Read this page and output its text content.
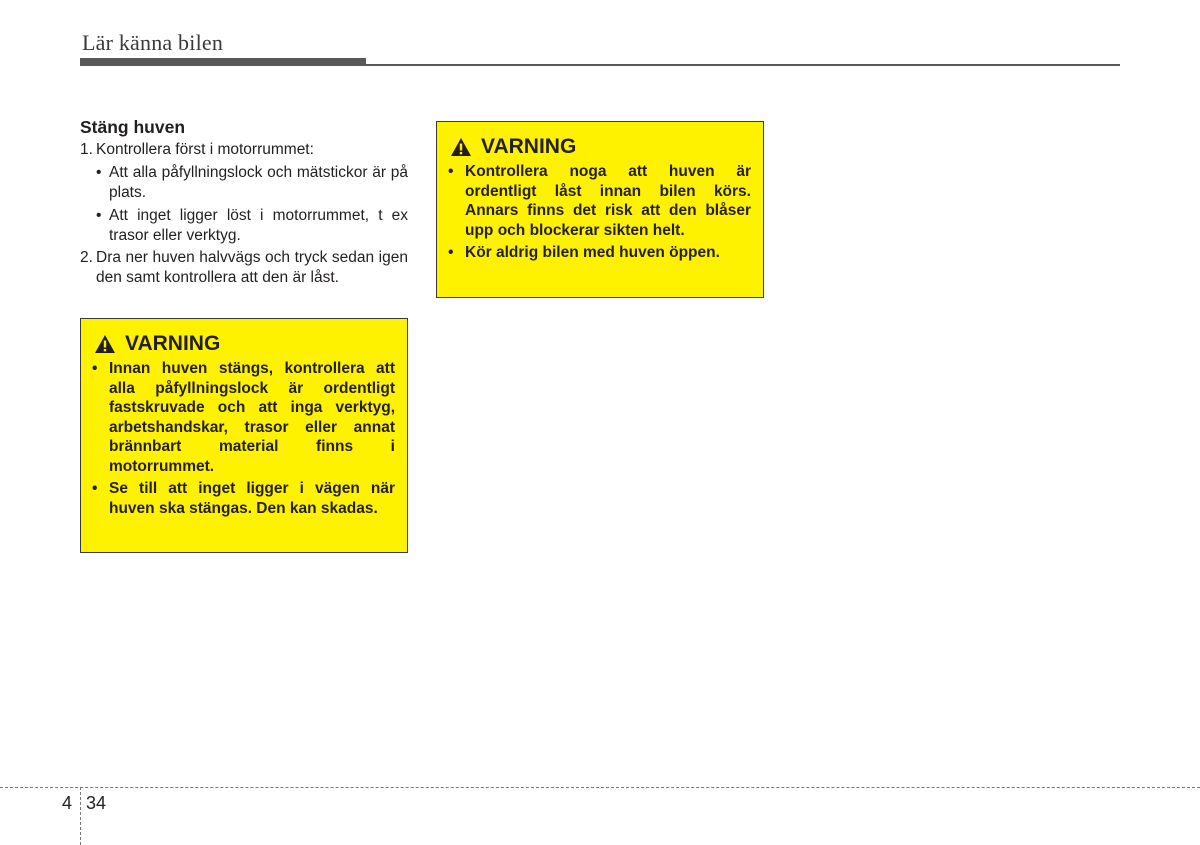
Lär känna bilen
Stäng huven
1. Kontrollera först i motorrummet:
• Att alla påfyllningslock och mätstickor är på plats.
• Att inget ligger löst i motorrummet, t ex trasor eller verktyg.
2. Dra ner huven halvvägs och tryck sedan igen den samt kontrollera att den är låst.
VARNING
• Innan huven stängs, kontrollera att alla påfyllningslock är ordentligt fastskruvade och att inga verktyg, arbetshandskar, trasor eller annat brännbart material finns i motorrummet.
• Se till att inget ligger i vägen när huven ska stängas. Den kan skadas.
VARNING
• Kontrollera noga att huven är ordentligt låst innan bilen körs. Annars finns det risk att den blåser upp och blockerar sikten helt.
• Kör aldrig bilen med huven öppen.
4 34
